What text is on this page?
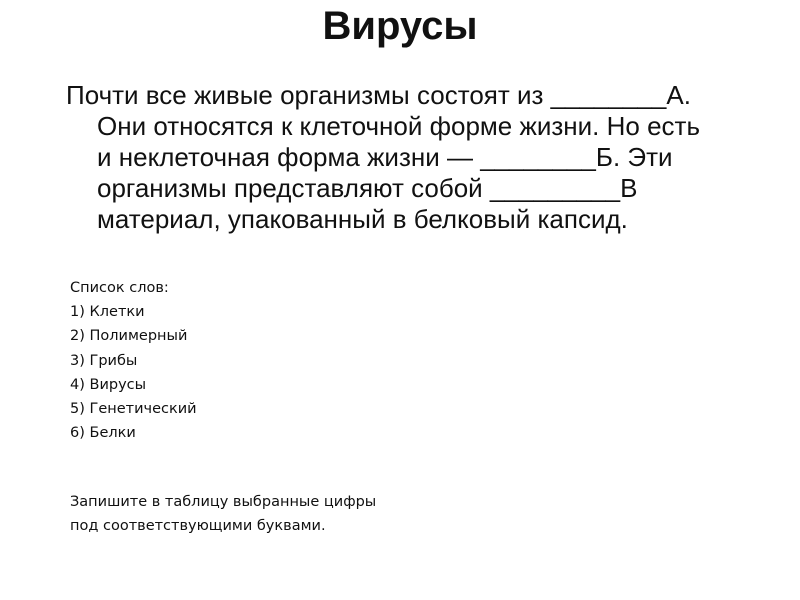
Вирусы

Почти все живые организмы состоят из ________А.
Они относятся к клеточной форме жизни. Но есть
и неклеточная форма жизни — ________Б. Эти
организмы представляют собой _________В
материал, упакованный в белковый капсид.

Список слов:
1) Клетки
2) Полимерный
3) Грибы
4) Вирусы
5) Генетический
6) Белки

Запишите в таблицу выбранные цифры
под соответствующими буквами.
